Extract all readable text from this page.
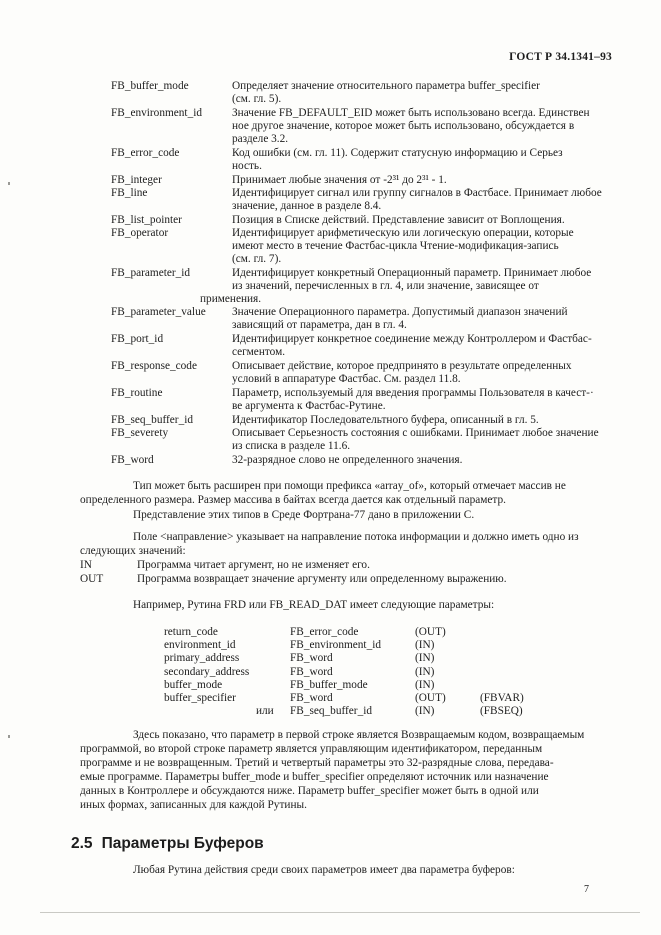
ГОСТ Р 34.1341–93
FB_buffer_mode	Определяет значение относительного параметра buffer_specifier
(см. гл. 5).
FB_environment_id	Значение FB_DEFAULT_EID может быть использовано всегда. Единствен
ное другое значение, которое может быть использовано, обсуждается в
разделе 3.2.
FB_error_code	Код ошибки (см. гл. 11). Содержит статусную информацию и Серьез
ность.
FB_integer	Принимает любые значения от -2³¹ до 2³¹ - 1.
FB_line	Идентифицирует сигнал или группу сигналов в Фастбасе. Принимает любое
значение, данное в разделе 8.4.
FB_list_pointer	Позиция в Списке действий. Представление зависит от Воплощения.
FB_operator	Идентифицирует арифметическую или логическую операции, которые
имеют место в течение Фастбас-цикла Чтение-модификация-запись
(см. гл. 7).
FB_parameter_id	Идентифицирует конкретный Операционный параметр. Принимает любое
из значений, перечисленных в гл. 4, или значение, зависящее от
применения.
FB_parameter_value	Значение Операционного параметра. Допустимый диапазон значений
зависящий от параметра, дан в гл. 4.
FB_port_id	Идентифицирует конкретное соединение между Контроллером и Фастбас-
сегментом.
FB_response_code	Описывает действие, которое предпринято в результате определенных
условий в аппаратуре Фастбас. См. раздел 11.8.
FB_routine	Параметр, используемый для введения программы Пользователя в качест-·
ве аргумента к Фастбас-Рутине.
FB_seq_buffer_id	Идентификатор Последовательтного буфера, описанный в гл. 5.
FB_severety	Описывает Серьезность состояния с ошибками. Принимает любое значение
из списка в разделе 11.6.
FB_word	32-разрядное слово не определенного значения.
Тип может быть расширен при помощи префикса «array_of», который отмечает массив не
определенного размера. Размер массива в байтах всегда дается как отдельный параметр.
Представление этих типов в Среде Фортрана-77 дано в приложении С.
Поле <направление> указывает на направление потока информации и должно иметь одно из
следующих значений:
IN	Программа читает аргумент, но не изменяет его.
OUT	Программа возвращает значение аргументу или определенному выражению.
Например, Рутина FRD или FB_READ_DAT имеет следующие параметры:
return_code	FB_error_code	(OUT)
environment_id	FB_environment_id	(IN)
primary_address	FB_word	(IN)
secondary_address	FB_word	(IN)
buffer_mode	FB_buffer_mode	(IN)
buffer_specifier	FB_word	(OUT)	(FBVAR)
или	FB_seq_buffer_id	(IN)	(FBSEQ)
Здесь показано, что параметр в первой строке является Возвращаемым кодом, возвращаемым
программой, во второй строке параметр является управляющим идентификатором, переданным
программе и не возвращенным. Третий и четвертый параметры это 32-разрядные слова, передава-
емые программе. Параметры buffer_mode и buffer_specifier определяют источник или назначение
данных в Контроллере и обсуждаются ниже. Параметр buffer_specifier может быть в одной или
иных формах, записанных для каждой Рутины.
2.5 Параметры Буферов
Любая Рутина действия среди своих параметров имеет два параметра буферов:
7
